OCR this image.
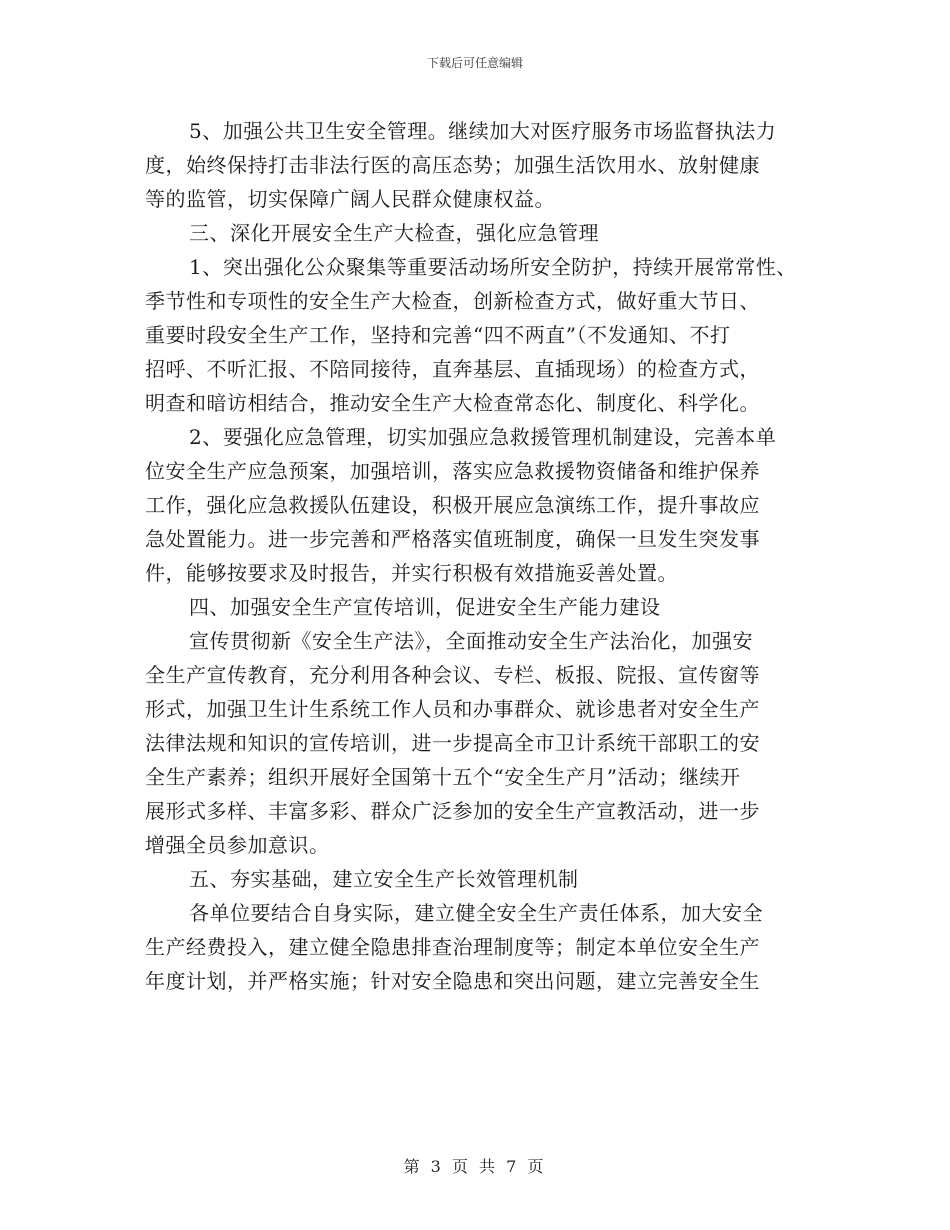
下载后可任意编辑
5、加强公共卫生安全管理。继续加大对医疗服务市场监督执法力
度，始终保持打击非法行医的高压态势；加强生活饮用水、放射健康
等的监管，切实保障广阔人民群众健康权益。
三、深化开展安全生产大检查，强化应急管理
1、突出强化公众聚集等重要活动场所安全防护，持续开展常常性、
季节性和专项性的安全生产大检查，创新检查方式，做好重大节日、
重要时段安全生产工作，坚持和完善“四不两直”（不发通知、不打
招呼、不听汇报、不陪同接待，直奔基层、直插现场）的检查方式，
明查和暗访相结合，推动安全生产大检查常态化、制度化、科学化。
2、要强化应急管理，切实加强应急救援管理机制建设，完善本单
位安全生产应急预案，加强培训，落实应急救援物资储备和维护保养
工作，强化应急救援队伍建设，积极开展应急演练工作，提升事故应
急处置能力。进一步完善和严格落实值班制度，确保一旦发生突发事
件，能够按要求及时报告，并实行积极有效措施妥善处置。
四、加强安全生产宣传培训，促进安全生产能力建设
宣传贯彻新《安全生产法》，全面推动安全生产法治化，加强安
全生产宣传教育，充分利用各种会议、专栏、板报、院报、宣传窗等
形式，加强卫生计生系统工作人员和办事群众、就诊患者对安全生产
法律法规和知识的宣传培训，进一步提高全市卫计系统干部职工的安
全生产素养；组织开展好全国第十五个“安全生产月”活动；继续开
展形式多样、丰富多彩、群众广泛参加的安全生产宣教活动，进一步
增强全员参加意识。
五、夯实基础，建立安全生产长效管理机制
各单位要结合自身实际，建立健全安全生产责任体系，加大安全
生产经费投入，建立健全隐患排查治理制度等；制定本单位安全生产
年度计划，并严格实施；针对安全隐患和突出问题，建立完善安全生
第 3 页 共 7 页
